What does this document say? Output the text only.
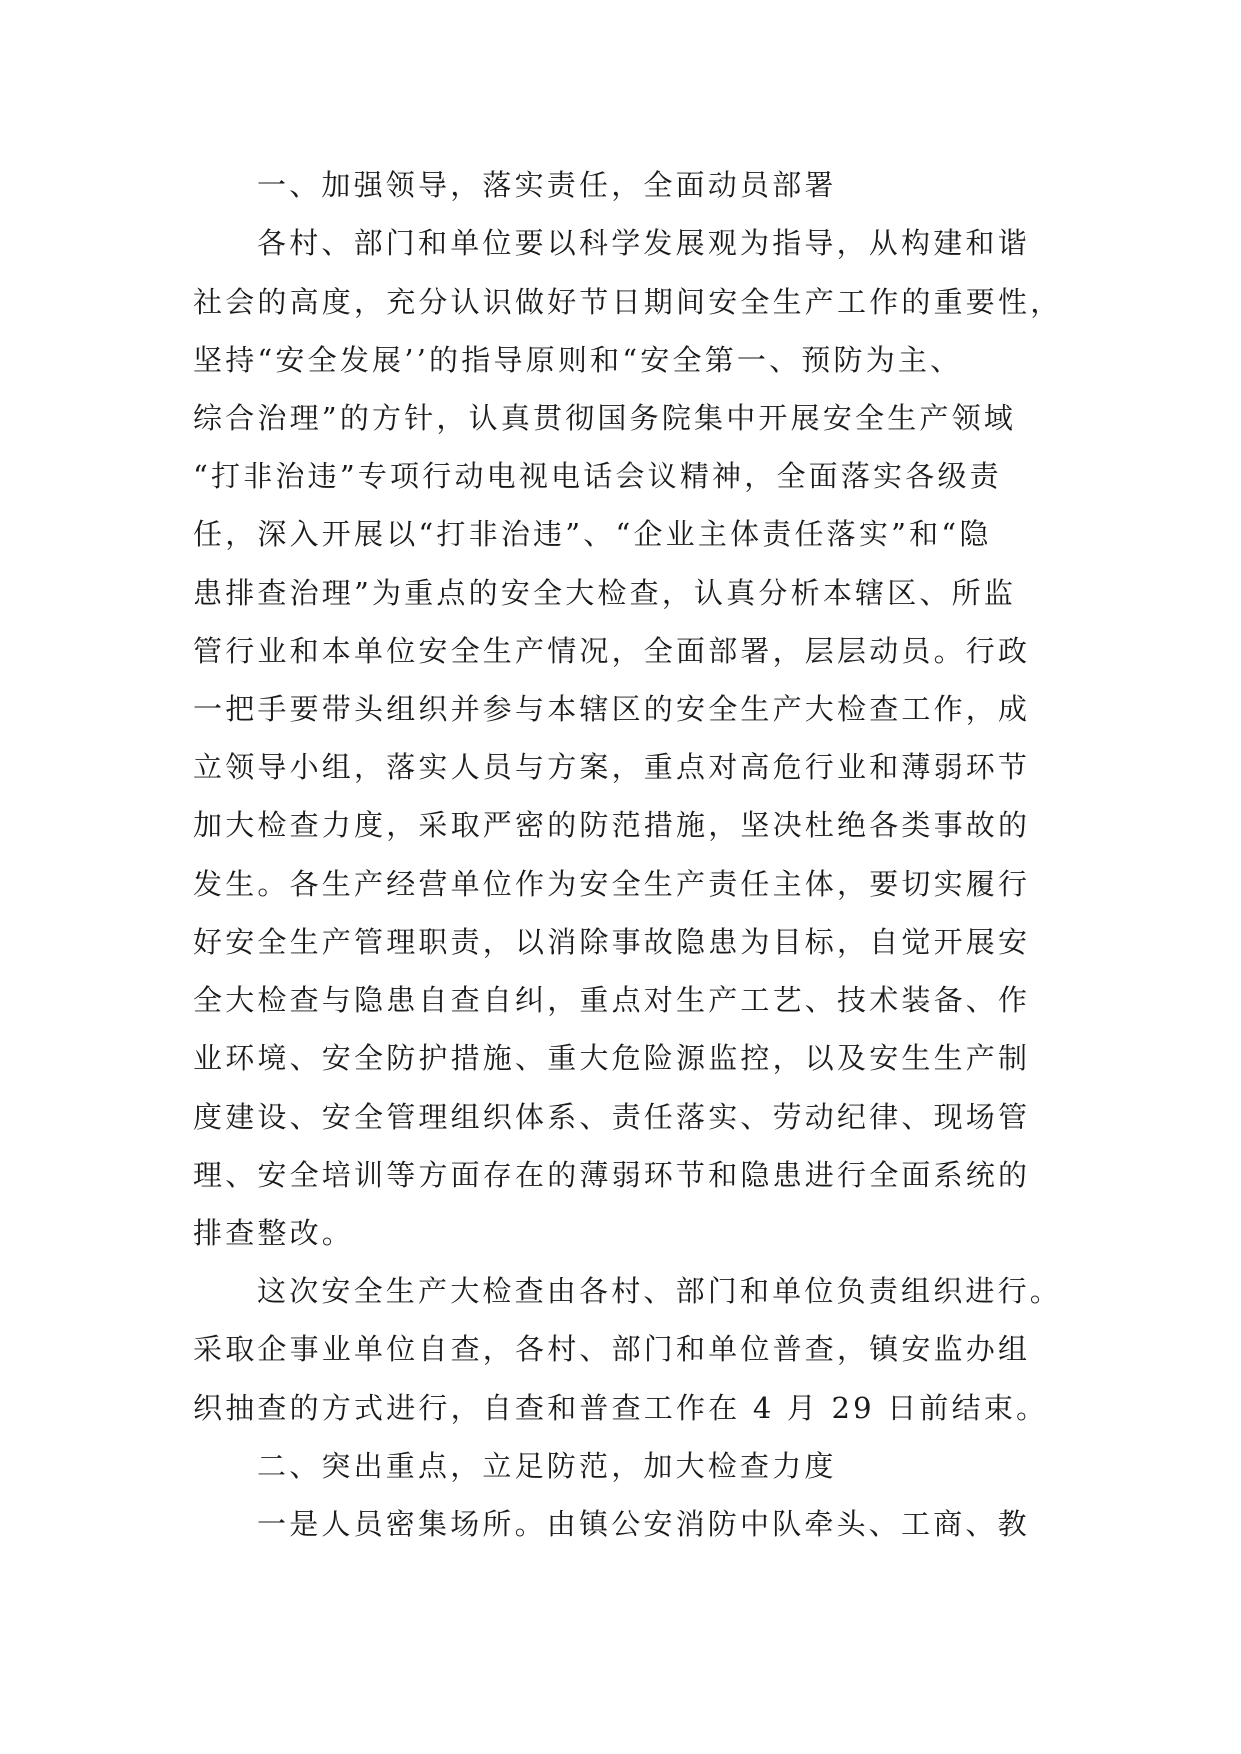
一、加强领导，落实责任，全面动员部署
各村、部门和单位要以科学发展观为指导，从构建和谐
社会的高度，充分认识做好节日期间安全生产工作的重要性，
坚持“安全发展’’的指导原则和“安全第一、预防为主、
综合治理”的方针，认真贯彻国务院集中开展安全生产领域
“打非治违”专项行动电视电话会议精神，全面落实各级责
任，深入开展以“打非治违”、“企业主体责任落实”和“隐
患排查治理”为重点的安全大检查，认真分析本辖区、所监
管行业和本单位安全生产情况，全面部署，层层动员。行政
一把手要带头组织并参与本辖区的安全生产大检查工作，成
立领导小组，落实人员与方案，重点对高危行业和薄弱环节
加大检查力度，采取严密的防范措施，坚决杜绝各类事故的
发生。各生产经营单位作为安全生产责任主体，要切实履行
好安全生产管理职责，以消除事故隐患为目标，自觉开展安
全大检查与隐患自查自纠，重点对生产工艺、技术装备、作
业环境、安全防护措施、重大危险源监控，以及安生生产制
度建设、安全管理组织体系、责任落实、劳动纪律、现场管
理、安全培训等方面存在的薄弱环节和隐患进行全面系统的
排查整改。
这次安全生产大检查由各村、部门和单位负责组织进行。
采取企事业单位自查，各村、部门和单位普查，镇安监办组
织抽查的方式进行，自查和普查工作在 4 月 29 日前结束。
二、突出重点，立足防范，加大检查力度
一是人员密集场所。由镇公安消防中队牵头、工商、教
